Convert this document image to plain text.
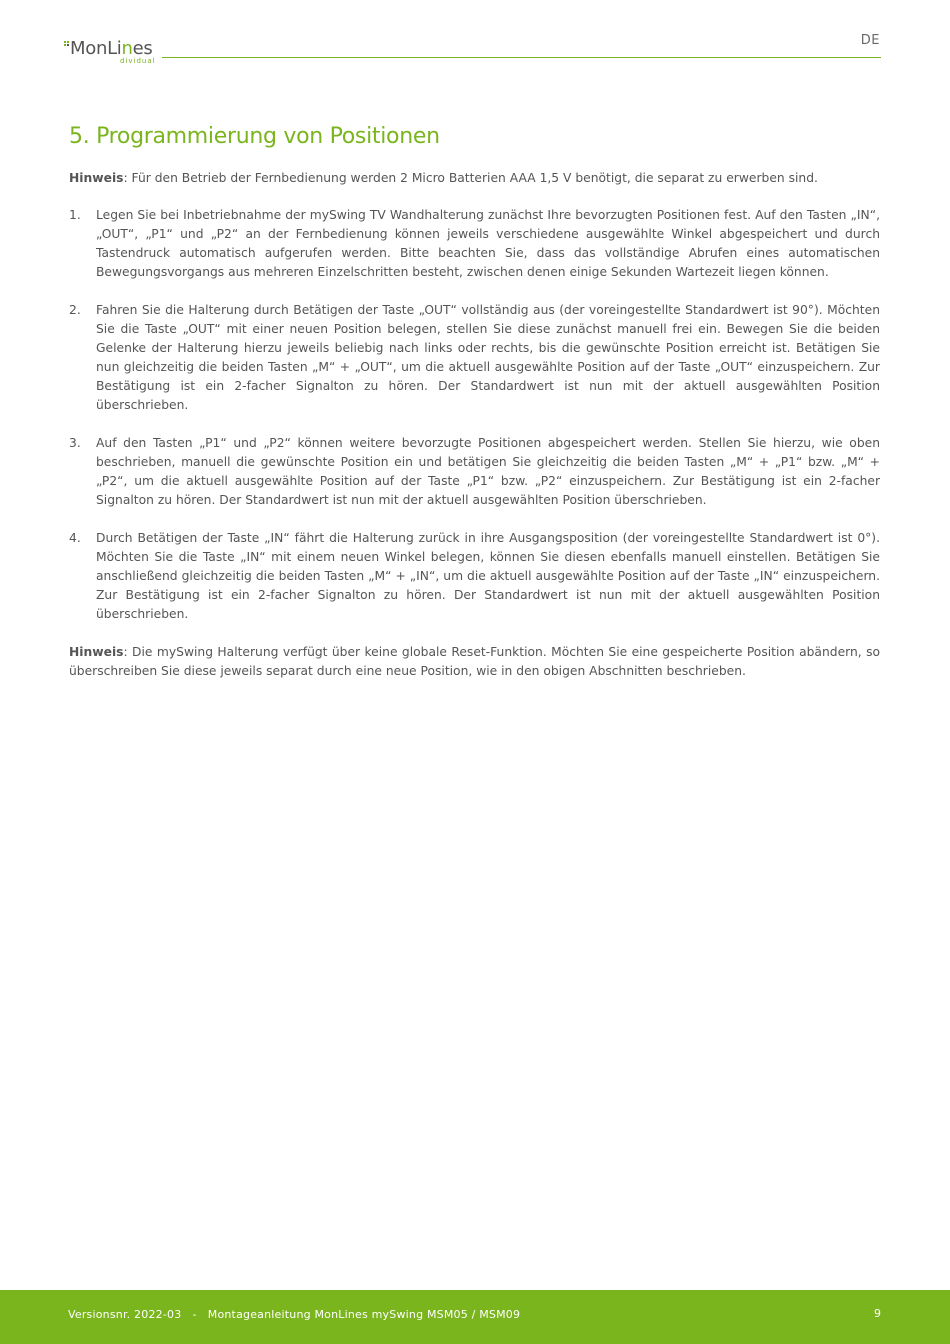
MonLines
dividual
DE
5. Programmierung von Positionen

Hinweis: Für den Betrieb der Fernbedienung werden 2 Micro Batterien AAA 1,5 V benötigt, die separat zu erwerben sind.

1. Legen Sie bei Inbetriebnahme der mySwing TV Wandhalterung zunächst Ihre bevorzugten Positionen fest. Auf den Tasten „IN“, „OUT“, „P1“ und „P2“ an der Fernbedienung können jeweils verschiedene ausgewählte Winkel abgespeichert und durch Tastendruck automatisch aufgerufen werden. Bitte beachten Sie, dass das vollständige Abrufen eines automatischen Bewegungsvorgangs aus mehreren Einzelschritten besteht, zwischen denen einige Sekunden Wartezeit liegen können.
2. Fahren Sie die Halterung durch Betätigen der Taste „OUT“ vollständig aus (der voreingestellte Standardwert ist 90°). Möchten Sie die Taste „OUT“ mit einer neuen Position belegen, stellen Sie diese zunächst manuell frei ein. Bewegen Sie die beiden Gelenke der Halterung hierzu jeweils beliebig nach links oder rechts, bis die gewünschte Position erreicht ist. Betätigen Sie nun gleichzeitig die beiden Tasten „M“ + „OUT“, um die aktuell ausgewählte Position auf der Taste „OUT“ einzuspeichern. Zur Bestätigung ist ein 2-facher Signalton zu hören. Der Standardwert ist nun mit der aktuell ausgewählten Position überschrieben.
3. Auf den Tasten „P1“ und „P2“ können weitere bevorzugte Positionen abgespeichert werden. Stellen Sie hierzu, wie oben beschrieben, manuell die gewünschte Position ein und betätigen Sie gleichzeitig die beiden Tasten „M“ + „P1“ bzw. „M“ + „P2“, um die aktuell ausgewählte Position auf der Taste „P1“ bzw. „P2“ einzuspeichern. Zur Bestätigung ist ein 2-facher Signalton zu hören. Der Standardwert ist nun mit der aktuell ausgewählten Position überschrieben.
4. Durch Betätigen der Taste „IN“ fährt die Halterung zurück in ihre Ausgangsposition (der voreingestellte Standardwert ist 0°). Möchten Sie die Taste „IN“ mit einem neuen Winkel belegen, können Sie diesen ebenfalls manuell einstellen. Betätigen Sie anschließend gleichzeitig die beiden Tasten „M“ + „IN“, um die aktuell ausgewählte Position auf der Taste „IN“ einzuspeichern. Zur Bestätigung ist ein 2-facher Signalton zu hören. Der Standardwert ist nun mit der aktuell ausgewählten Position überschrieben.

Hinweis: Die mySwing Halterung verfügt über keine globale Reset-Funktion. Möchten Sie eine gespeicherte Position abändern, so überschreiben Sie diese jeweils separat durch eine neue Position, wie in den obigen Abschnitten beschrieben.

Versionsnr. 2022-03   -   Montageanleitung MonLines mySwing MSM05 / MSM09	9
